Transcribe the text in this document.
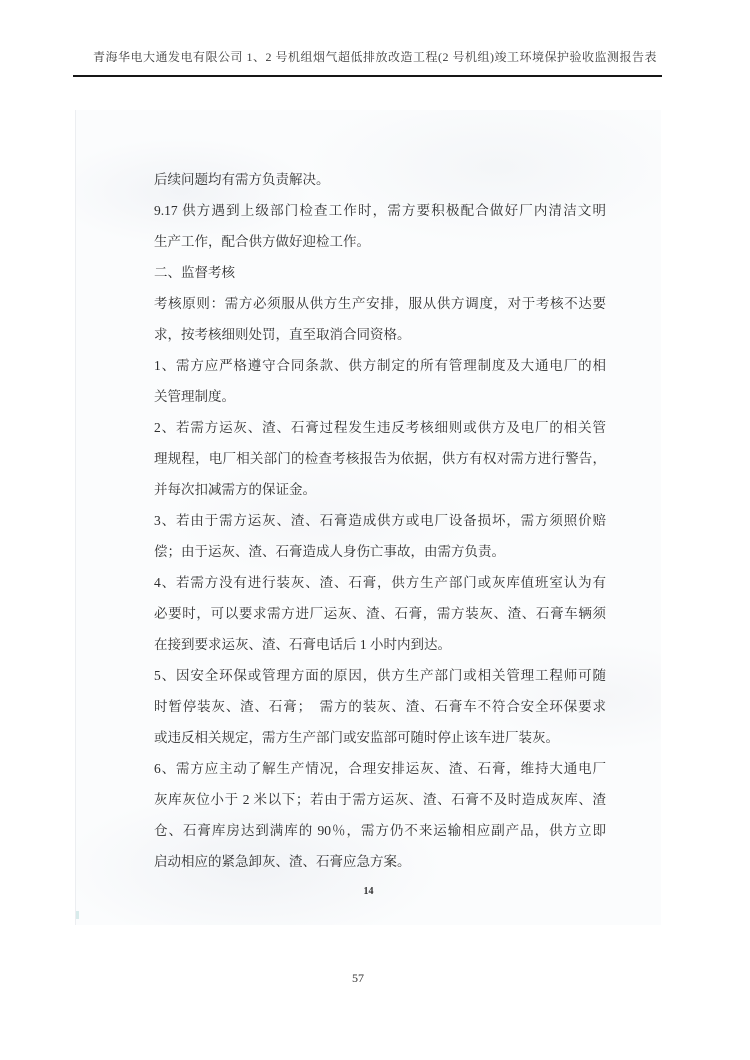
青海华电大通发电有限公司 1、2 号机组烟气超低排放改造工程(2 号机组)竣工环境保护验收监测报告表
后续问题均有需方负责解决。
9.17 供方遇到上级部门检查工作时，需方要积极配合做好厂内清洁文明
生产工作，配合供方做好迎检工作。
二、监督考核
考核原则：需方必须服从供方生产安排，服从供方调度，对于考核不达要
求，按考核细则处罚，直至取消合同资格。
1、需方应严格遵守合同条款、供方制定的所有管理制度及大通电厂的相
关管理制度。
2、若需方运灰、渣、石膏过程发生违反考核细则或供方及电厂的相关管
理规程，电厂相关部门的检查考核报告为依据，供方有权对需方进行警告，
并每次扣减需方的保证金。
3、若由于需方运灰、渣、石膏造成供方或电厂设备损坏，需方须照价赔
偿；由于运灰、渣、石膏造成人身伤亡事故，由需方负责。
4、若需方没有进行装灰、渣、石膏，供方生产部门或灰库值班室认为有
必要时，可以要求需方进厂运灰、渣、石膏，需方装灰、渣、石膏车辆须
在接到要求运灰、渣、石膏电话后 1 小时内到达。
5、因安全环保或管理方面的原因，供方生产部门或相关管理工程师可随
时暂停装灰、渣、石膏；　需方的装灰、渣、石膏车不符合安全环保要求
或违反相关规定，需方生产部门或安监部可随时停止该车进厂装灰。
6、需方应主动了解生产情况，合理安排运灰、渣、石膏，维持大通电厂
灰库灰位小于 2 米以下；若由于需方运灰、渣、石膏不及时造成灰库、渣
仓、石膏库房达到满库的 90％，需方仍不来运输相应副产品，供方立即
启动相应的紧急卸灰、渣、石膏应急方案。
14
57
